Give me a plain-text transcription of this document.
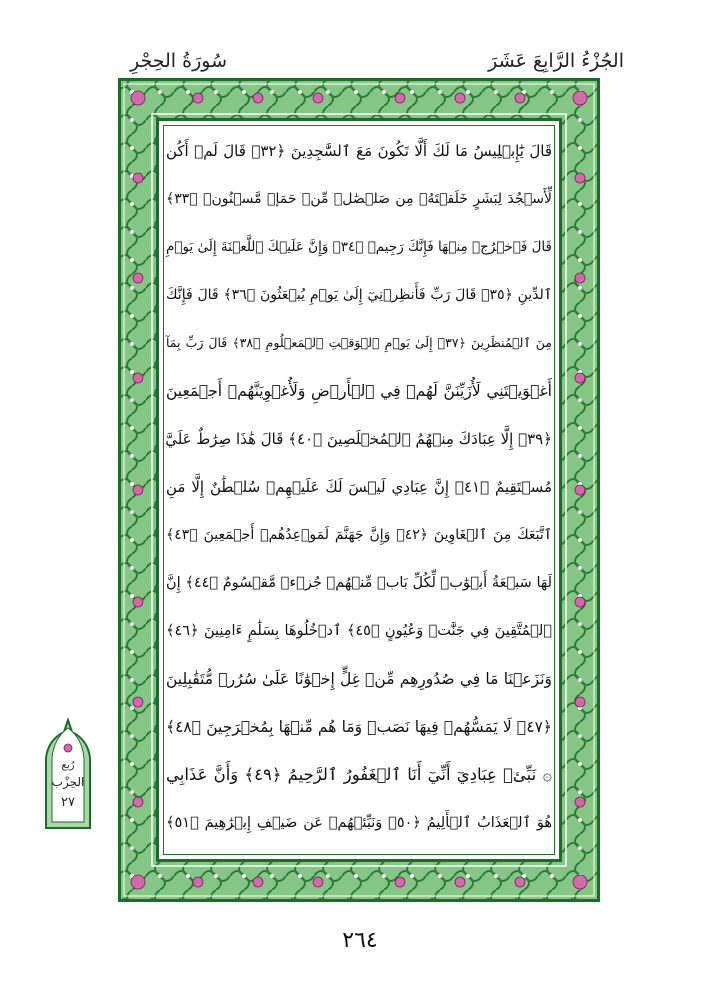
الجُزْءُ الرَّابِعَ عَشَرَ
سُورَةُ الحِجْرِ
قَالَ يَٰٓإِبۡلِيسُ مَا لَكَ أَلَّا تَكُونَ مَعَ ٱلسَّٰجِدِينَ ﴿٣٢﴾ قَالَ لَمۡ أَكُن
لِّأَسۡجُدَ لِبَشَرٍ خَلَقۡتَهُۥ مِن صَلۡصَٰلٖ مِّنۡ حَمَإٖ مَّسۡنُونٖ ﴿٣٣﴾
قَالَ فَٱخۡرُجۡ مِنۡهَا فَإِنَّكَ رَجِيمٞ ﴿٣٤﴾ وَإِنَّ عَلَيۡكَ ٱللَّعۡنَةَ إِلَىٰ يَوۡمِ
ٱلدِّينِ ﴿٣٥﴾ قَالَ رَبِّ فَأَنظِرۡنِيٓ إِلَىٰ يَوۡمِ يُبۡعَثُونَ ﴿٣٦﴾ قَالَ فَإِنَّكَ
مِنَ ٱلۡمُنظَرِينَ ﴿٣٧﴾ إِلَىٰ يَوۡمِ ٱلۡوَقۡتِ ٱلۡمَعۡلُومِ ﴿٣٨﴾ قَالَ رَبِّ بِمَآ
أَغۡوَيۡتَنِي لَأُزَيِّنَنَّ لَهُمۡ فِي ٱلۡأَرۡضِ وَلَأُغۡوِيَنَّهُمۡ أَجۡمَعِينَ
﴿٣٩﴾ إِلَّا عِبَادَكَ مِنۡهُمُ ٱلۡمُخۡلَصِينَ ﴿٤٠﴾ قَالَ هَٰذَا صِرَٰطٌ عَلَيَّ
مُسۡتَقِيمٌ ﴿٤١﴾ إِنَّ عِبَادِي لَيۡسَ لَكَ عَلَيۡهِمۡ سُلۡطَٰنٌ إِلَّا مَنِ
ٱتَّبَعَكَ مِنَ ٱلۡغَاوِينَ ﴿٤٢﴾ وَإِنَّ جَهَنَّمَ لَمَوۡعِدُهُمۡ أَجۡمَعِينَ ﴿٤٣﴾
لَهَا سَبۡعَةُ أَبۡوَٰبٖ لِّكُلِّ بَابٖ مِّنۡهُمۡ جُزۡءٞ مَّقۡسُومٌ ﴿٤٤﴾ إِنَّ
ٱلۡمُتَّقِينَ فِي جَنَّٰتٖ وَعُيُونٍ ﴿٤٥﴾ ٱدۡخُلُوهَا بِسَلَٰمٍ ءَامِنِينَ ﴿٤٦﴾
وَنَزَعۡنَا مَا فِي صُدُورِهِم مِّنۡ غِلٍّ إِخۡوَٰنًا عَلَىٰ سُرُرٖ مُّتَقَٰبِلِينَ
﴿٤٧﴾ لَا يَمَسُّهُمۡ فِيهَا نَصَبٞ وَمَا هُم مِّنۡهَا بِمُخۡرَجِينَ ﴿٤٨﴾
۞ نَبِّئۡ عِبَادِيٓ أَنِّيٓ أَنَا ٱلۡغَفُورُ ٱلرَّحِيمُ ﴿٤٩﴾ وَأَنَّ عَذَابِي
هُوَ ٱلۡعَذَابُ ٱلۡأَلِيمُ ﴿٥٠﴾ وَنَبِّئۡهُمۡ عَن ضَيۡفِ إِبۡرَٰهِيمَ ﴿٥١﴾
رُبع
الحِزْب
٢٧
٢٦٤
